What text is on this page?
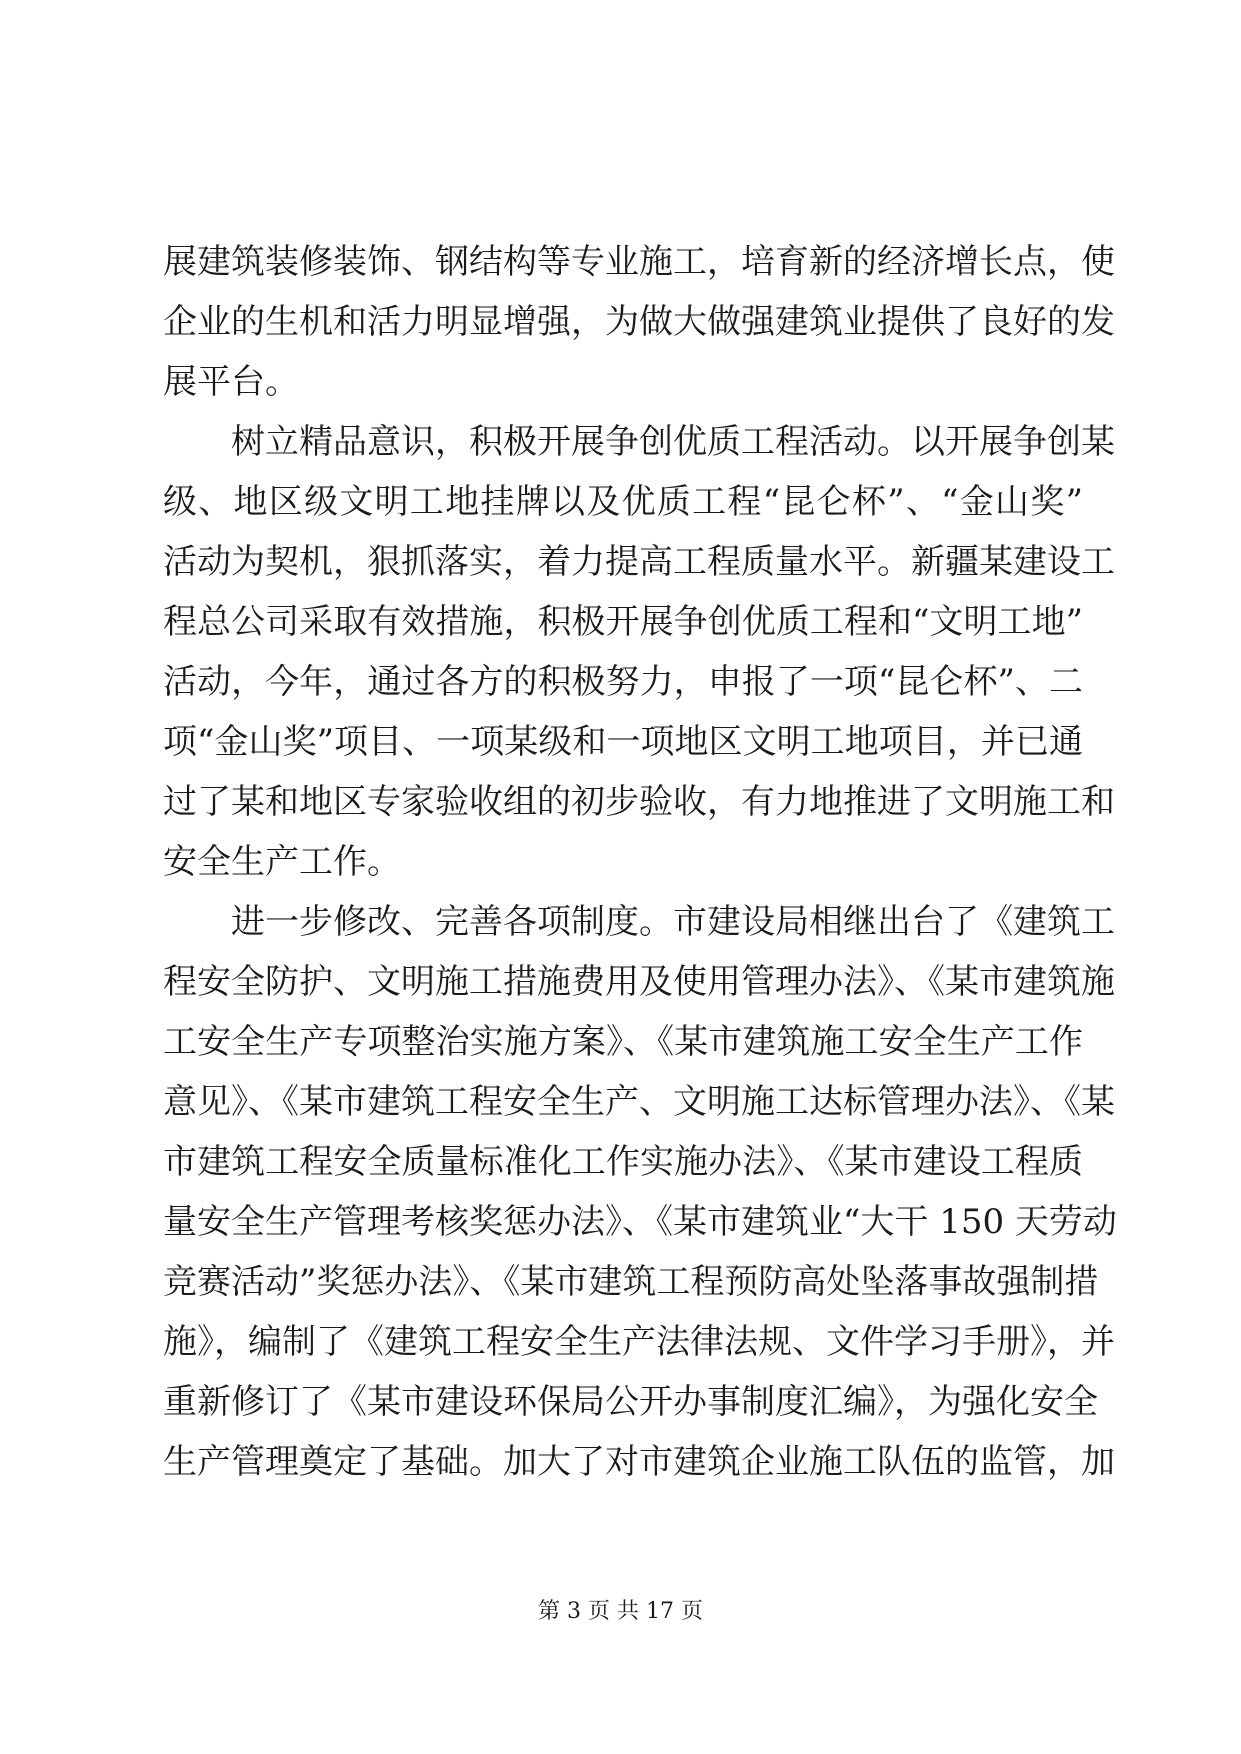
展建筑装修装饰、钢结构等专业施工，培育新的经济增长点，使
企业的生机和活力明显增强，为做大做强建筑业提供了良好的发
展平台。
树立精品意识，积极开展争创优质工程活动。以开展争创某
级、地区级文明工地挂牌以及优质工程“昆仑杯”、“金山奖”
活动为契机，狠抓落实，着力提高工程质量水平。新疆某建设工
程总公司采取有效措施，积极开展争创优质工程和“文明工地”
活动，今年，通过各方的积极努力，申报了一项“昆仑杯”、二
项“金山奖”项目、一项某级和一项地区文明工地项目，并已通
过了某和地区专家验收组的初步验收，有力地推进了文明施工和
安全生产工作。
进一步修改、完善各项制度。市建设局相继出台了《建筑工
程安全防护、文明施工措施费用及使用管理办法》、《某市建筑施
工安全生产专项整治实施方案》、《某市建筑施工安全生产工作
意见》、《某市建筑工程安全生产、文明施工达标管理办法》、《某
市建筑工程安全质量标准化工作实施办法》、《某市建设工程质
量安全生产管理考核奖惩办法》、《某市建筑业“大干 150 天劳动
竞赛活动”奖惩办法》、《某市建筑工程预防高处坠落事故强制措
施》，编制了《建筑工程安全生产法律法规、文件学习手册》，并
重新修订了《某市建设环保局公开办事制度汇编》，为强化安全
生产管理奠定了基础。加大了对市建筑企业施工队伍的监管，加
第 3 页 共 17 页
